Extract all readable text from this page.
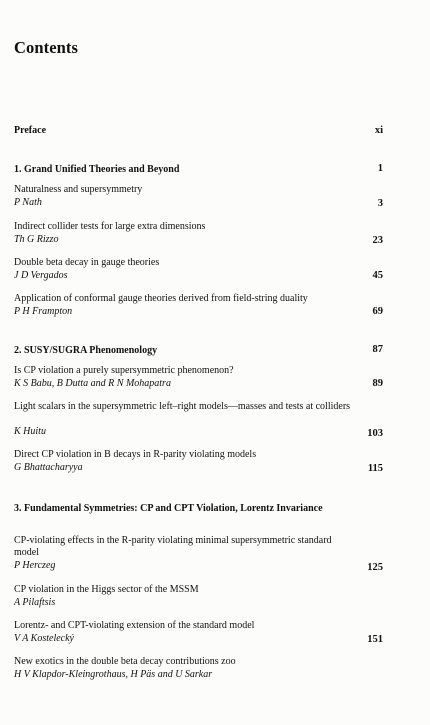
Contents
Preface	xi
1. Grand Unified Theories and Beyond	1
Naturalness and supersymmetry
P Nath	3
Indirect collider tests for large extra dimensions
Th G Rizzo	23
Double beta decay in gauge theories
J D Vergados	45
Application of conformal gauge theories derived from field-string duality
P H Frampton	69
2. SUSY/SUGRA Phenomenology	87
Is CP violation a purely supersymmetric phenomenon?
K S Babu, B Dutta and R N Mohapatra	89
Light scalars in the supersymmetric left–right models—masses and tests at colliders
K Huitu	103
Direct CP violation in B decays in R-parity violating models
G Bhattacharyya	115
3. Fundamental Symmetries: CP and CPT Violation, Lorentz Invariance
CP-violating effects in the R-parity violating minimal supersymmetric standard model
P Herczeg	125
CP violation in the Higgs sector of the MSSM
A Pilaftsis
Lorentz- and CPT-violating extension of the standard model
V A Kostelecký	151
New exotics in the double beta decay contributions zoo
H V Klapdor-Kleingrothaus, H Päs and U Sarkar
